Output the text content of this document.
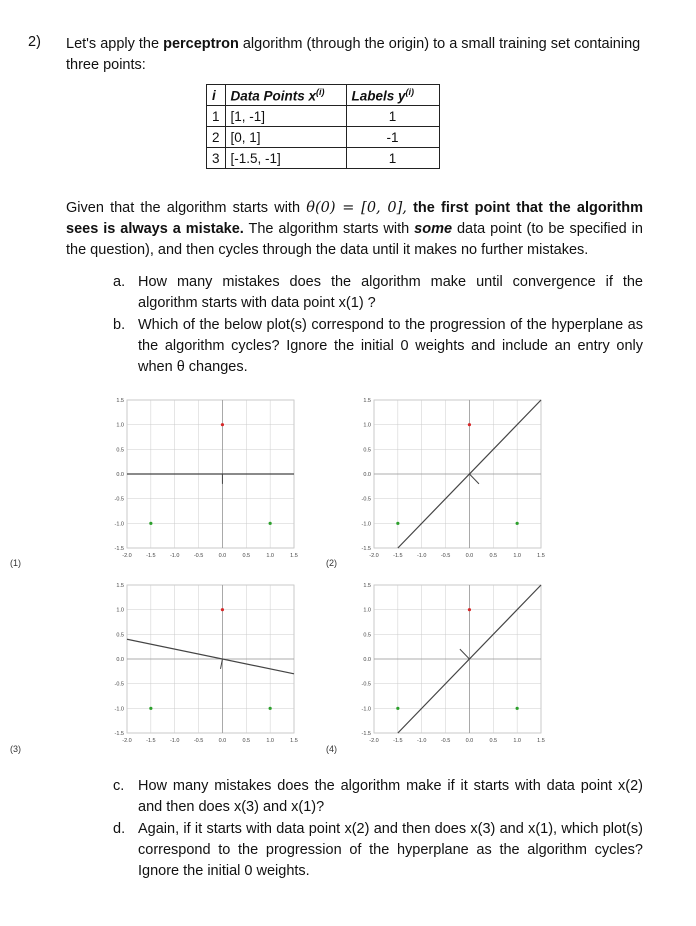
2) Let's apply the perceptron algorithm (through the origin) to a small training set containing three points:
i	Data Points $x^{(i)}$	Labels $y^{(i)}$
1	[1, -1]	1
2	[0, 1]	-1
3	[-1.5, -1]	1
Given that the algorithm starts with θ(0) = [0, 0], the first point that the algorithm sees is always a mistake. The algorithm starts with some data point (to be specified in the question), and then cycles through the data until it makes no further mistakes.
a. How many mistakes does the algorithm make until convergence if the algorithm starts with data point x(1) ?
b. Which of the below plot(s) correspond to the progression of the hyperplane as the algorithm cycles? Ignore the initial 0 weights and include an entry only when θ changes.
-2.0	-1.5	-1.0	-0.5	0.0	0.5	1.0	1.5
1.5
1.0
0.5
0.0
-0.5
-1.0
-1.5
(1)
-2.0	-1.5	-1.0	-0.5	0.0	0.5	1.0	1.5
1.5
1.0
0.5
0.0
-0.5
-1.0
-1.5
(2)
-2.0	-1.5	-1.0	-0.5	0.0	0.5	1.0	1.5
1.5
1.0
0.5
0.0
-0.5
-1.0
-1.5
(3)
-2.0	-1.5	-1.0	-0.5	0.0	0.5	1.0	1.5
1.5
1.0
0.5
0.0
-0.5
-1.0
-1.5
(4)
c. How many mistakes does the algorithm make if it starts with data point x(2) and then does x(3) and x(1)?
d. Again, if it starts with data point x(2) and then does x(3) and x(1), which plot(s) correspond to the progression of the hyperplane as the algorithm cycles? Ignore the initial 0 weights.
